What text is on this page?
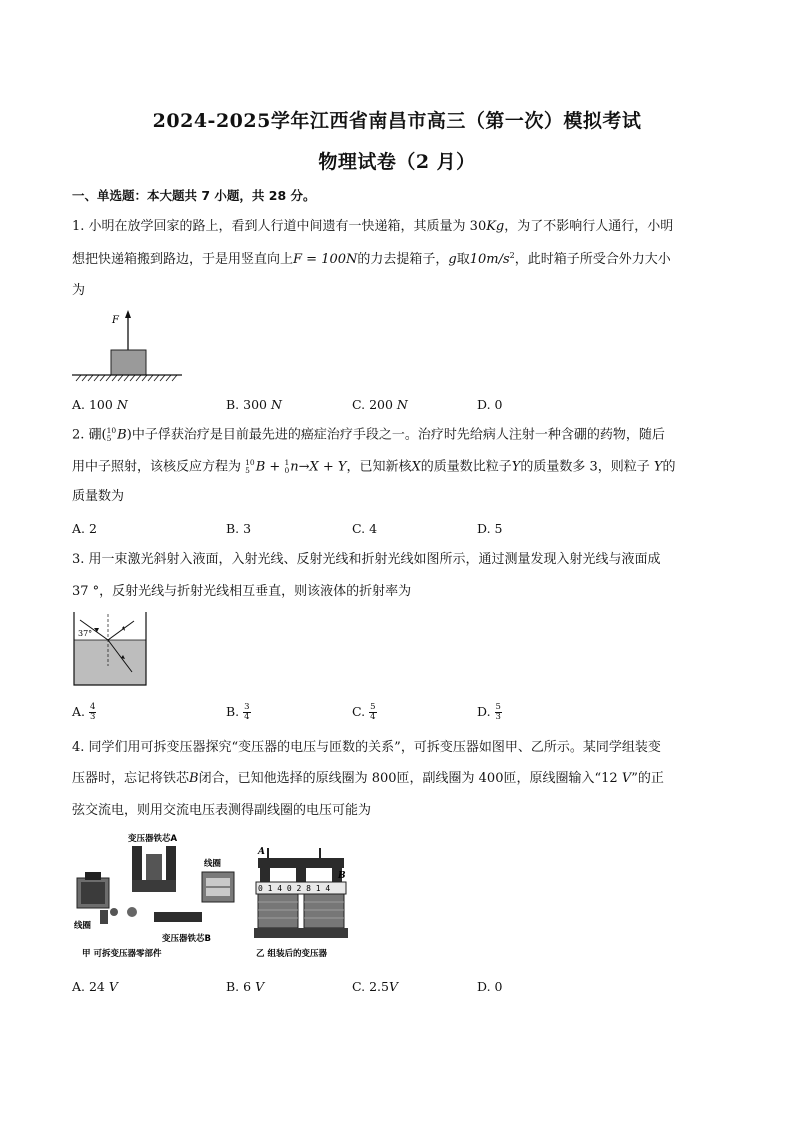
2024-2025学年江西省南昌市高三（第一次）模拟考试
物理试卷（2 月）
一、单选题：本大题共 7 小题，共 28 分。
1. 小明在放学回家的路上，看到人行道中间遗有一快递箱，其质量为 30Kg，为了不影响行人通行，小明
想把快递箱搬到路边，于是用竖直向上F = 100N的力去提箱子，g取$10m/s^2$，此时箱子所受合外力大小
为
F
A. 100 N	B. 300 N	C. 200 N	D. 0
2. 硼( 10
5 B)中子俘获治疗是目前最先进的癌症治疗手段之一。治疗时先给病人注射一种含硼的药物，随后
用中子照射，该核反应方程为 10
5 B + 1
0 n→X + Y，已知新核X的质量数比粒子Y的质量数多 3，则粒子 Y的
质量数为
A. 2	B. 3	C. 4	D. 5
3. 用一束激光斜射入液面，入射光线、反射光线和折射光线如图所示，通过测量发现入射光线与液面成
37 °，反射光线与折射光线相互垂直，则该液体的折射率为
37°
A. $\frac{4}{3}$	B. $\frac{3}{4}$	C. $\frac{5}{4}$	D. $\frac{5}{3}$
4. 同学们用可拆变压器探究“变压器的电压与匝数的关系”，可拆变压器如图甲、乙所示。某同学组装变
压器时，忘记将铁芯B闭合，已知他选择的原线圈为 800匝，副线圈为 400匝，原线圈输入“12 V”的正
弦交流电，则用交流电压表测得副线圈的电压可能为
变压器铁芯A
线圈
线圈
变压器铁芯B
甲 可拆变压器零部件
A
B
0 1 4 0 2 8 1 4
乙 组装后的变压器
A. 24 V	B. 6 V	C. 2.5V	D. 0
